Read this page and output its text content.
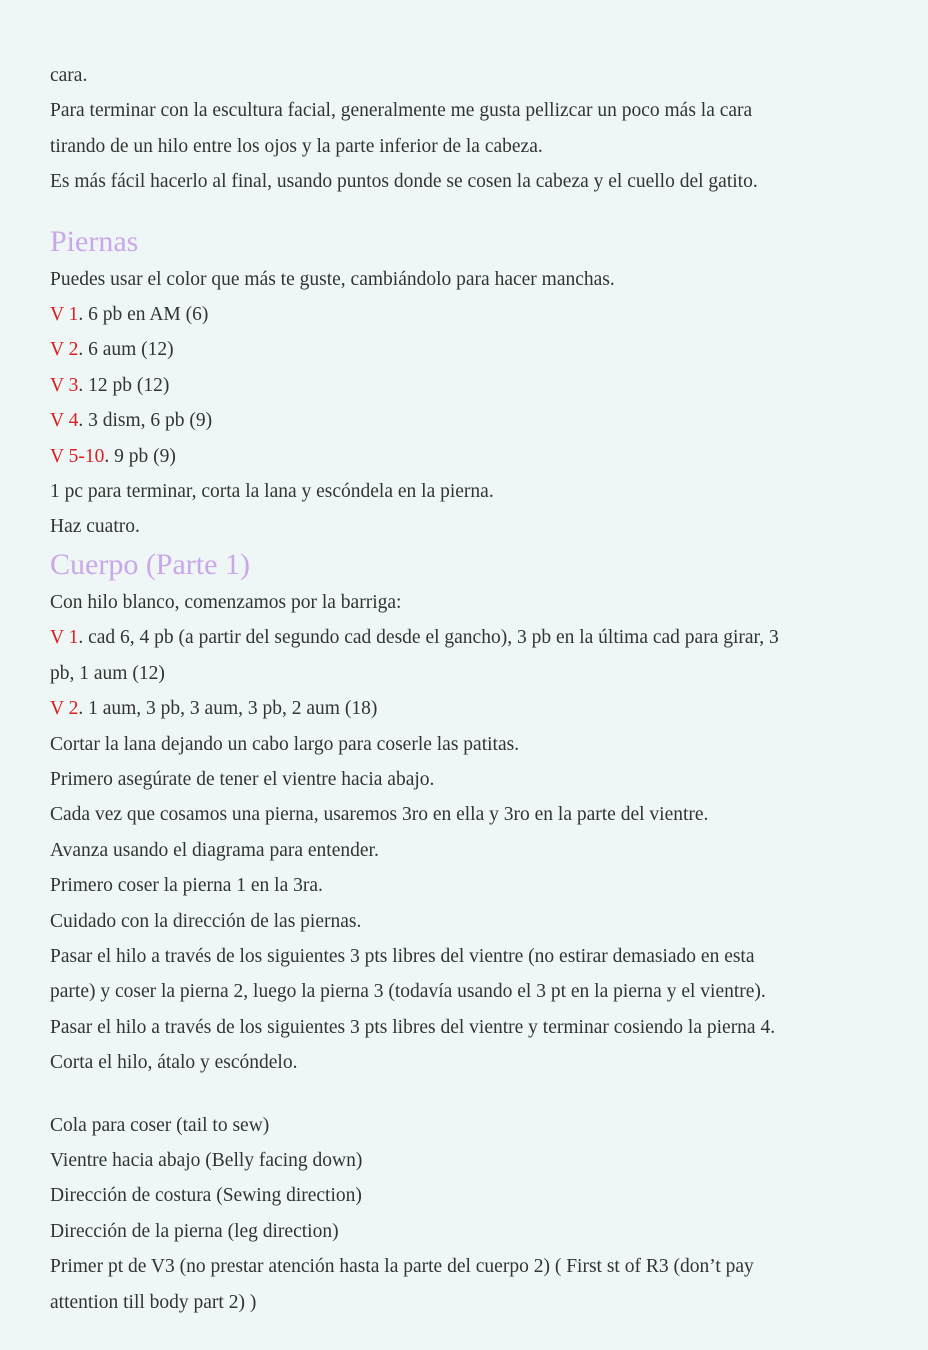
cara.

Para terminar con la escultura facial, generalmente me gusta pellizcar un poco más la cara

tirando de un hilo entre los ojos y la parte inferior de la cabeza.

Es más fácil hacerlo al final, usando puntos donde se cosen la cabeza y el cuello del gatito.

Piernas

Puedes usar el color que más te guste, cambiándolo para hacer manchas.

V 1. 6 pb en AM (6)

V 2. 6 aum (12)

V 3. 12 pb (12)

V 4. 3 dism, 6 pb (9)

V 5-10. 9 pb (9)

1 pc para terminar, corta la lana y escóndela en la pierna.

Haz cuatro.

Cuerpo (Parte 1)

Con hilo blanco, comenzamos por la barriga:

V 1. cad 6, 4 pb (a partir del segundo cad desde el gancho), 3 pb en la última cad para girar, 3

pb, 1 aum (12)

V 2. 1 aum, 3 pb, 3 aum, 3 pb, 2 aum (18)

Cortar la lana dejando un cabo largo para coserle las patitas.

Primero asegúrate de tener el vientre hacia abajo.

Cada vez que cosamos una pierna, usaremos 3ro en ella y 3ro en la parte del vientre.

Avanza usando el diagrama para entender.

Primero coser la pierna 1 en la 3ra.

Cuidado con la dirección de las piernas.

Pasar el hilo a través de los siguientes 3 pts libres del vientre (no estirar demasiado en esta

parte) y coser la pierna 2, luego la pierna 3 (todavía usando el 3 pt en la pierna y el vientre).

Pasar el hilo a través de los siguientes 3 pts libres del vientre y terminar cosiendo la pierna 4.

Corta el hilo, átalo y escóndelo.

Cola para coser (tail to sew)

Vientre hacia abajo (Belly facing down)

Dirección de costura (Sewing direction)

Dirección de la pierna (leg direction)

Primer pt de V3 (no prestar atención hasta la parte del cuerpo 2) ( First st of R3 (don’t pay

attention till body part 2) )
